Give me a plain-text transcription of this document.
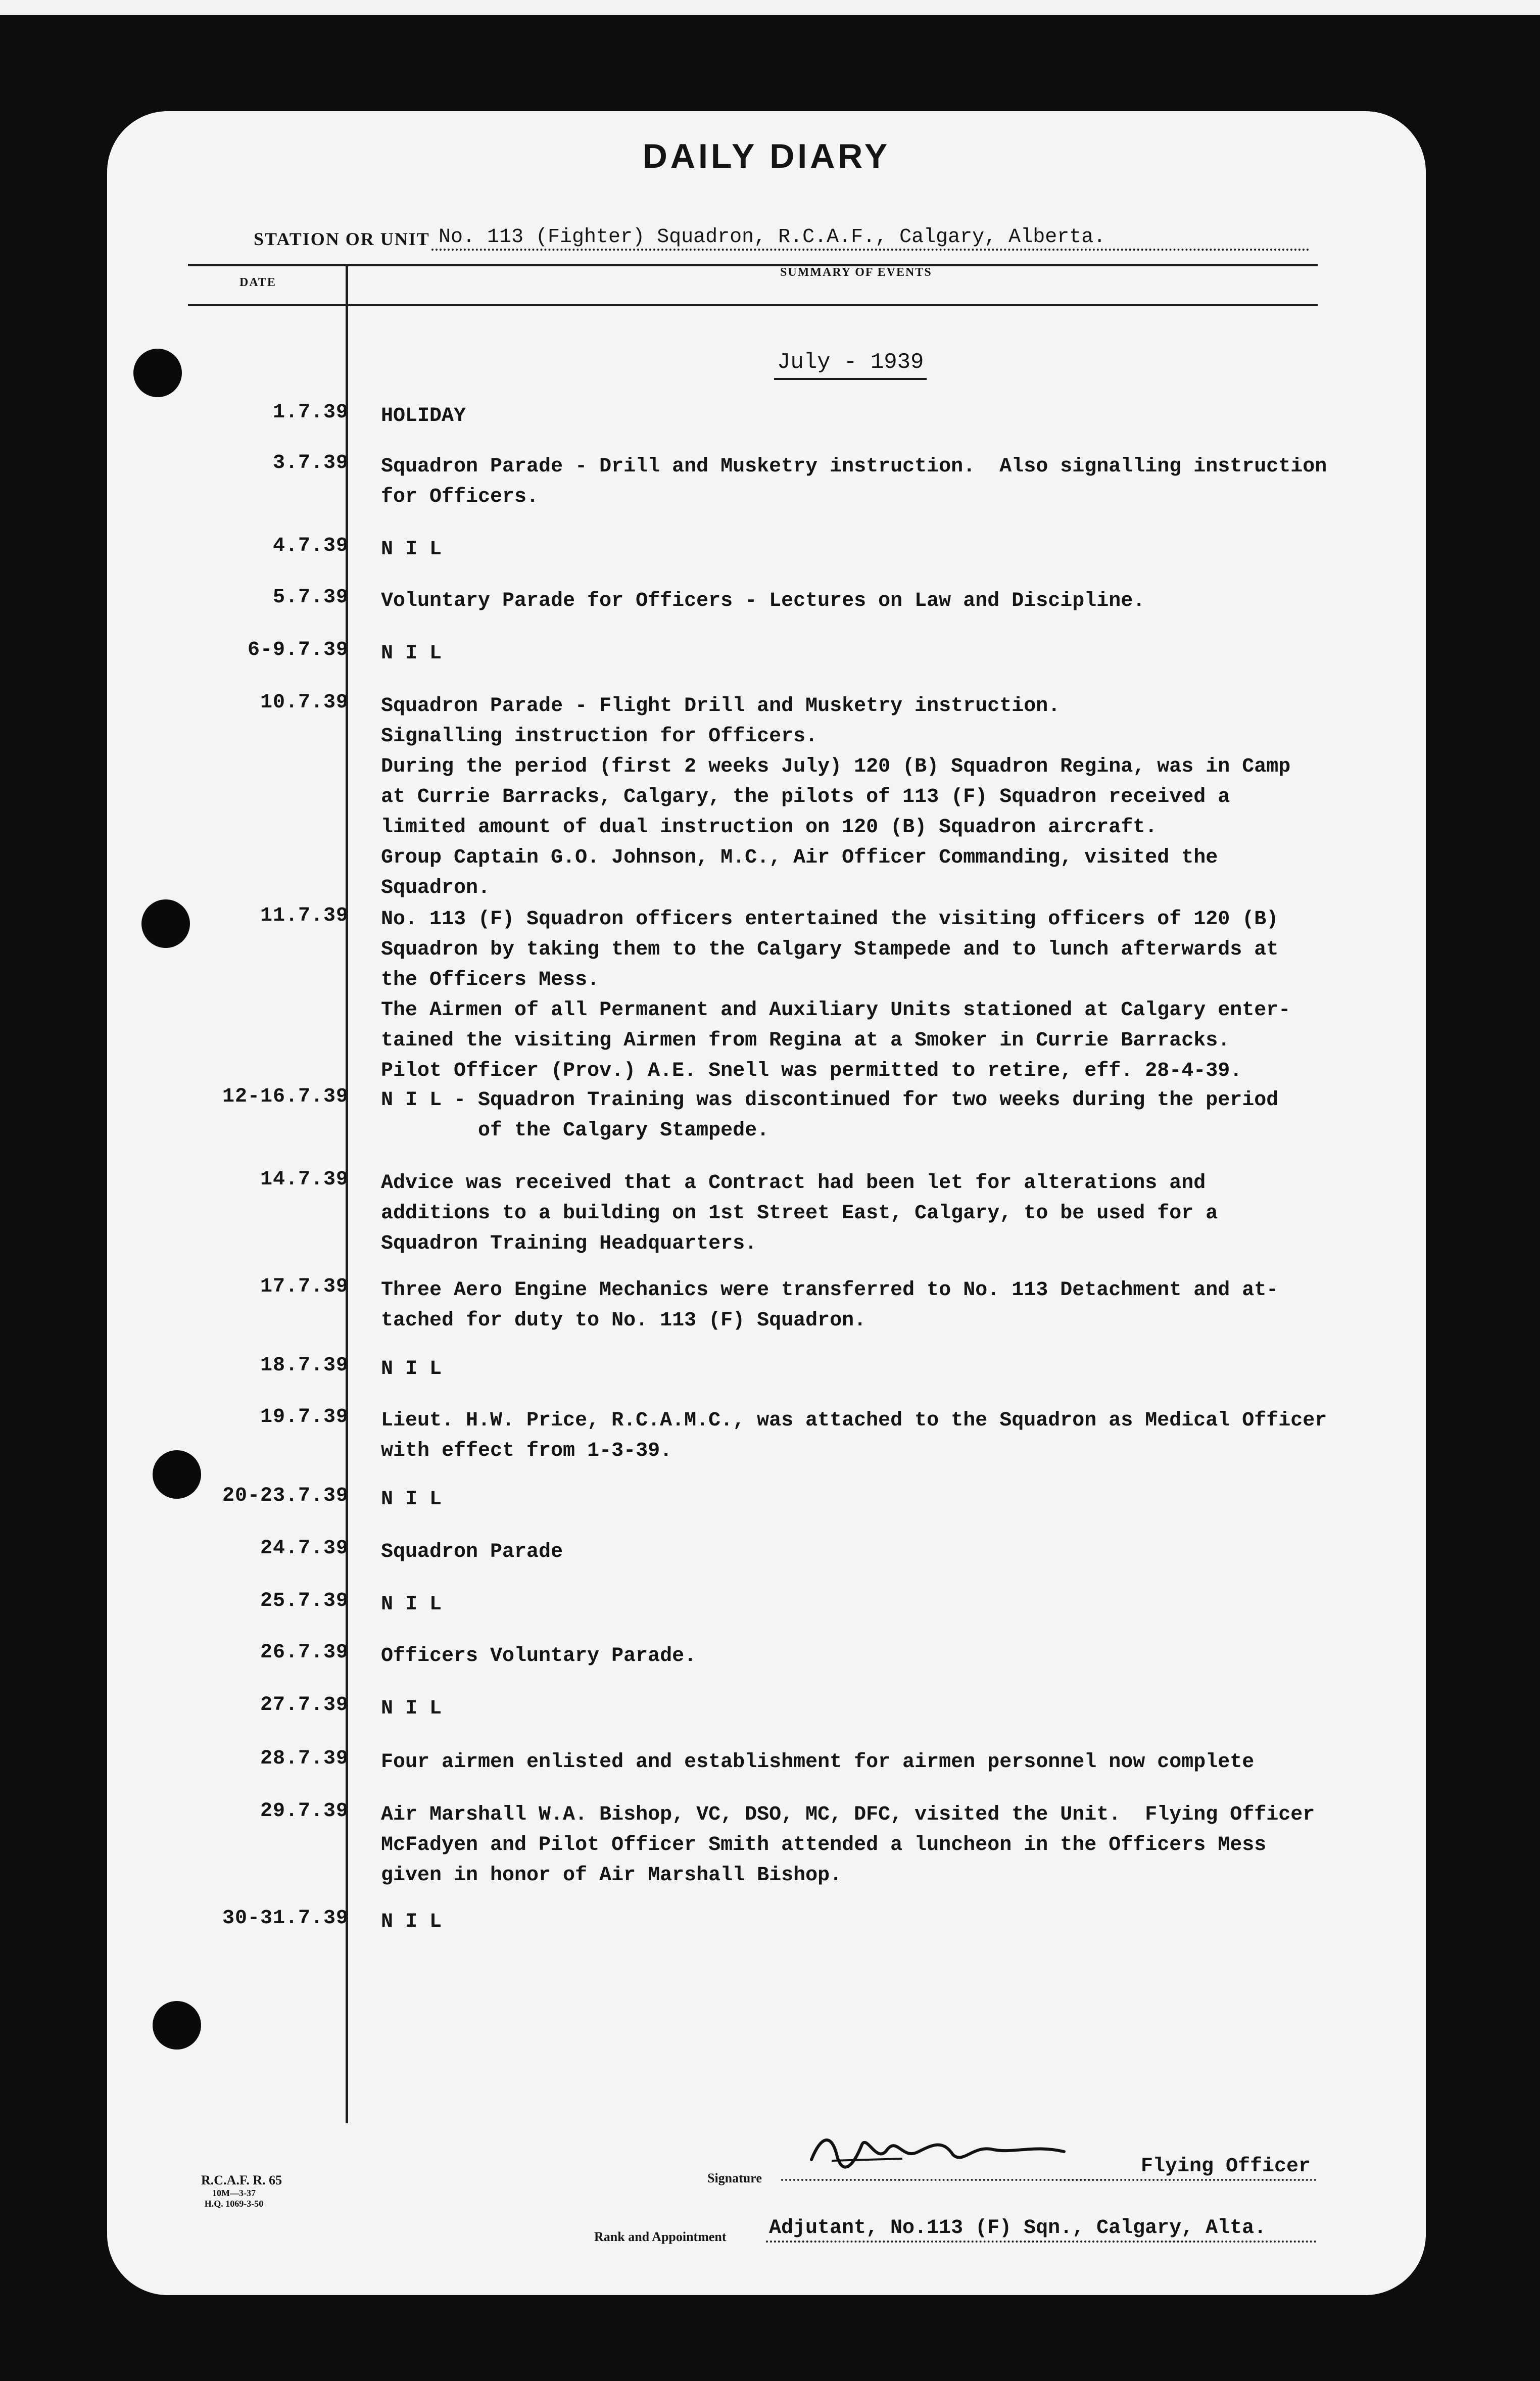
DAILY DIARY
STATION OR UNIT No. 113 (Fighter) Squadron, R.C.A.F., Calgary, Alberta.
DATE
SUMMARY OF EVENTS
July - 1939
1.7.39 HOLIDAY
3.7.39 Squadron Parade - Drill and Musketry instruction.  Also signalling instruction
for Officers.
4.7.39 N I L
5.7.39 Voluntary Parade for Officers - Lectures on Law and Discipline.
6-9.7.39 N I L
10.7.39 Squadron Parade - Flight Drill and Musketry instruction.
Signalling instruction for Officers.
During the period (first 2 weeks July) 120 (B) Squadron Regina, was in Camp
at Currie Barracks, Calgary, the pilots of 113 (F) Squadron received a
limited amount of dual instruction on 120 (B) Squadron aircraft.
Group Captain G.O. Johnson, M.C., Air Officer Commanding, visited the
Squadron.
11.7.39 No. 113 (F) Squadron officers entertained the visiting officers of 120 (B)
Squadron by taking them to the Calgary Stampede and to lunch afterwards at
the Officers Mess.
The Airmen of all Permanent and Auxiliary Units stationed at Calgary enter-
tained the visiting Airmen from Regina at a Smoker in Currie Barracks.
Pilot Officer (Prov.) A.E. Snell was permitted to retire, eff. 28-4-39.
12-16.7.39 N I L - Squadron Training was discontinued for two weeks during the period
of the Calgary Stampede.
14.7.39 Advice was received that a Contract had been let for alterations and
additions to a building on 1st Street East, Calgary, to be used for a
Squadron Training Headquarters.
17.7.39 Three Aero Engine Mechanics were transferred to No. 113 Detachment and at-
tached for duty to No. 113 (F) Squadron.
18.7.39 N I L
19.7.39 Lieut. H.W. Price, R.C.A.M.C., was attached to the Squadron as Medical Officer
with effect from 1-3-39.
20-23.7.39 N I L
24.7.39 Squadron Parade
25.7.39 N I L
26.7.39 Officers Voluntary Parade.
27.7.39 N I L
28.7.39 Four airmen enlisted and establishment for airmen personnel now complete
29.7.39 Air Marshall W.A. Bishop, VC, DSO, MC, DFC, visited the Unit.  Flying Officer
McFadyen and Pilot Officer Smith attended a luncheon in the Officers Mess
given in honor of Air Marshall Bishop.
30-31.7.39 N I L
R.C.A.F. R. 65
10M—3-37
H.Q. 1069-3-50
Signature
Flying Officer
Rank and Appointment Adjutant, No.113 (F) Sqn., Calgary, Alta.
